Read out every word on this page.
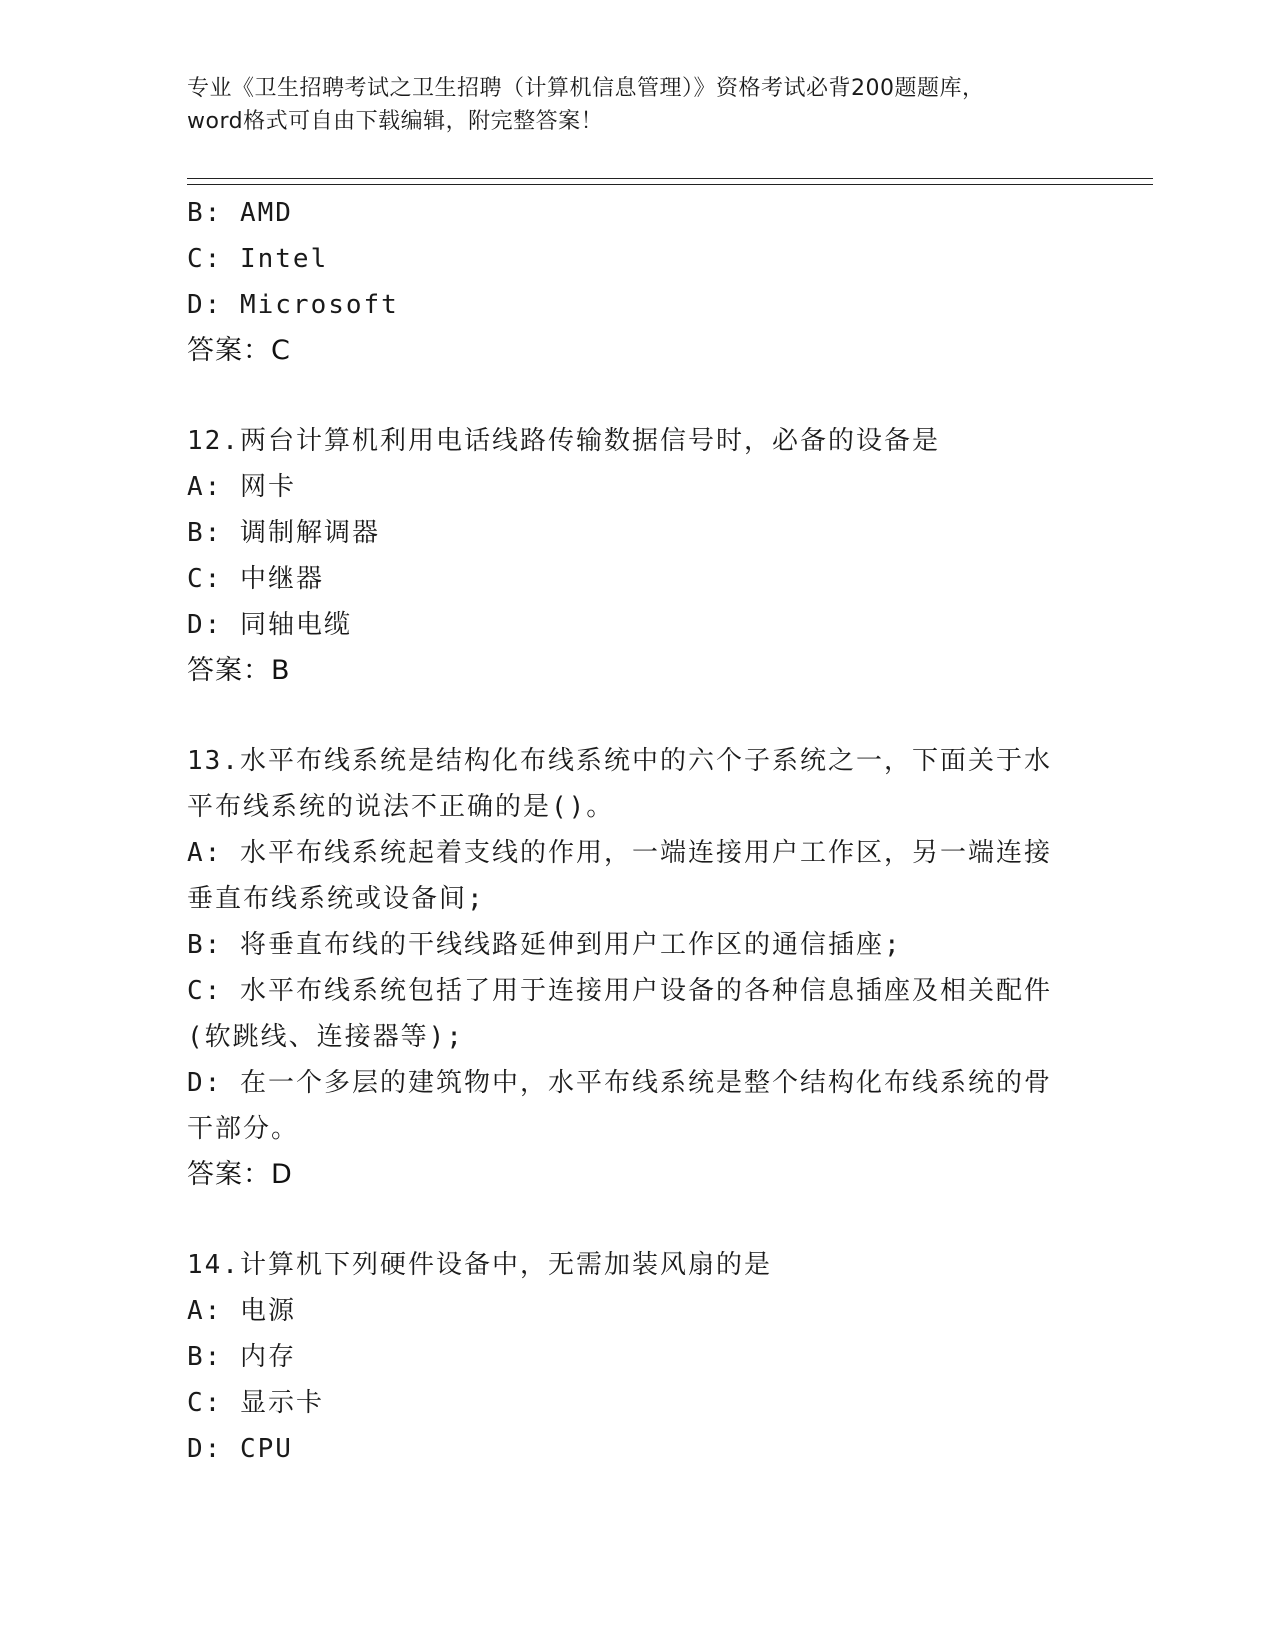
专业《卫生招聘考试之卫生招聘（计算机信息管理）》资格考试必背200题题库，
word格式可自由下载编辑，附完整答案！
B: AMD
C: Intel
D: Microsoft
答案：C
12.两台计算机利用电话线路传输数据信号时，必备的设备是
A: 网卡
B: 调制解调器
C: 中继器
D: 同轴电缆
答案：B
13.水平布线系统是结构化布线系统中的六个子系统之一，下面关于水
平布线系统的说法不正确的是()。
A: 水平布线系统起着支线的作用，一端连接用户工作区，另一端连接
垂直布线系统或设备间;
B: 将垂直布线的干线线路延伸到用户工作区的通信插座;
C: 水平布线系统包括了用于连接用户设备的各种信息插座及相关配件
(软跳线、连接器等);
D: 在一个多层的建筑物中，水平布线系统是整个结构化布线系统的骨
干部分。
答案：D
14.计算机下列硬件设备中，无需加装风扇的是
A: 电源
B: 内存
C: 显示卡
D: CPU
